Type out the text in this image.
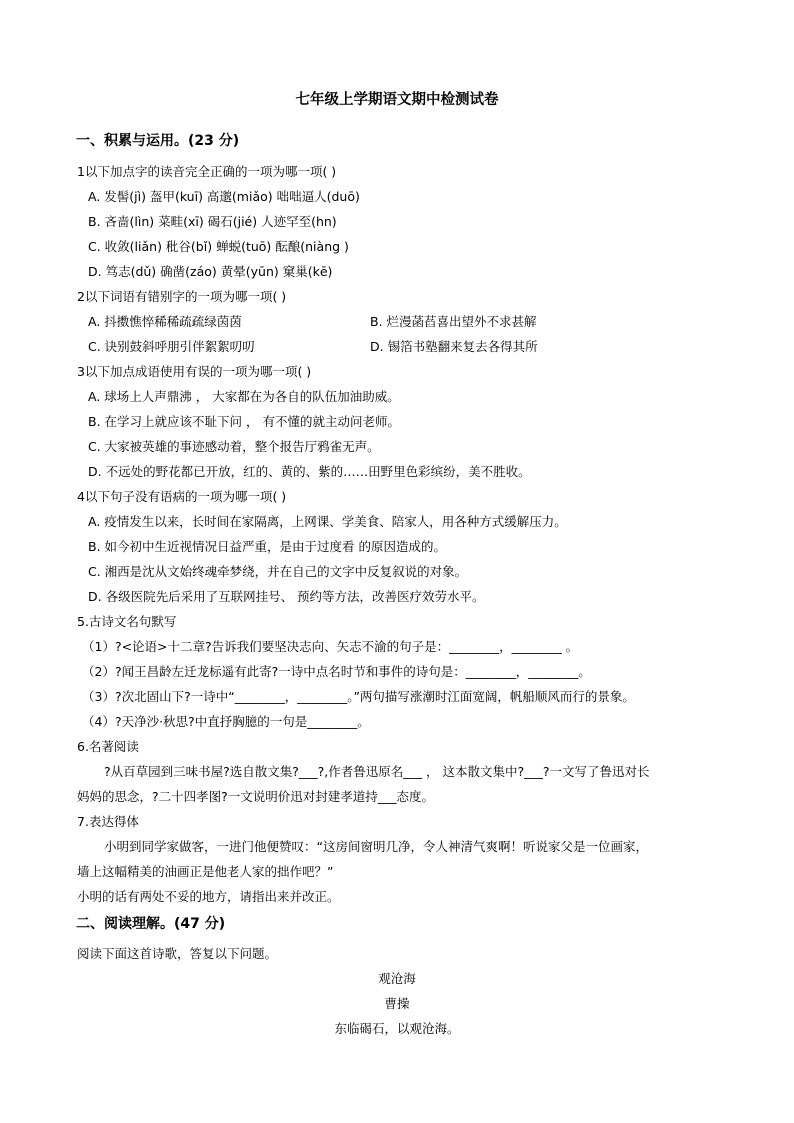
七年级上学期语文期中检测试卷
一、积累与运用。(23 分)
1以下加点字的读音完全正确的一项为哪一项( )
A. 发髻(jì) 盔甲(kuī) 高邈(miǎo) 咄咄逼人(duō)
B. 吝啬(lìn) 菜畦(xī) 碣石(jié) 人迹罕至(hn)
C. 收敛(liǎn) 秕谷(bǐ) 蝉蜕(tuō) 酝酿(niàng )
D. 笃志(dǔ) 确凿(záo) 黄晕(yūn) 窠巢(kē)
2以下词语有错别字的一项为哪一项( )
A. 抖擞憔悴稀稀疏疏绿茵茵	B. 烂漫菡萏喜出望外不求甚解
C. 诀别鼓斜呼朋引伴絮絮叨叨	D. 锡箔书塾翻来复去各得其所
3以下加点成语使用有误的一项为哪一项( )
A. 球场上人声鼎沸 ， 大家都在为各自的队伍加油助威。
B. 在学习上就应该不耻下问 ， 有不懂的就主动问老师。
C. 大家被英雄的事迹感动着，整个报告厅鸦雀无声。
D. 不远处的野花都已开放，红的、黄的、紫的……田野里色彩缤纷，美不胜收。
4以下句子没有语病的一项为哪一项( )
A. 疫情发生以来，长时间在家隔离，上网课、学美食、陪家人，用各种方式缓解压力。
B. 如今初中生近视情况日益严重，是由于过度看 的原因造成的。
C. 湘西是沈从文始终魂牵梦绕，并在自己的文字中反复叙说的对象。
D. 各级医院先后采用了互联网挂号、 预约等方法，改善医疗效劳水平。
5.古诗文名句默写
（1）?<论语>十二章?告诉我们要坚决志向、矢志不渝的句子是：________，________ 。
（2）?闻王昌龄左迁龙标遥有此寄?一诗中点名时节和事件的诗句是：________，________。
（3）?次北固山下?一诗中“________，________。”两句描写涨潮时江面宽阔，帆船顺风而行的景象。
（4）?天净沙·秋思?中直抒胸臆的一句是________。
6.名著阅读
?从百草园到三味书屋?选自散文集?___?,作者鲁迅原名___ ， 这本散文集中?___?一文写了鲁迅对长
妈妈的思念，?二十四孝图?一文说明价迅对封建孝道持___态度。
7.表达得体
小明到同学家做客，一进门他便赞叹：“这房间窗明几净，令人神清气爽啊！听说家父是一位画家，
墙上这幅精美的油画正是他老人家的拙作吧？”
小明的话有两处不妥的地方，请指出来并改正。
二、阅读理解。(47 分)
阅读下面这首诗歌，答复以下问题。
观沧海
曹操
东临碣石，以观沧海。
